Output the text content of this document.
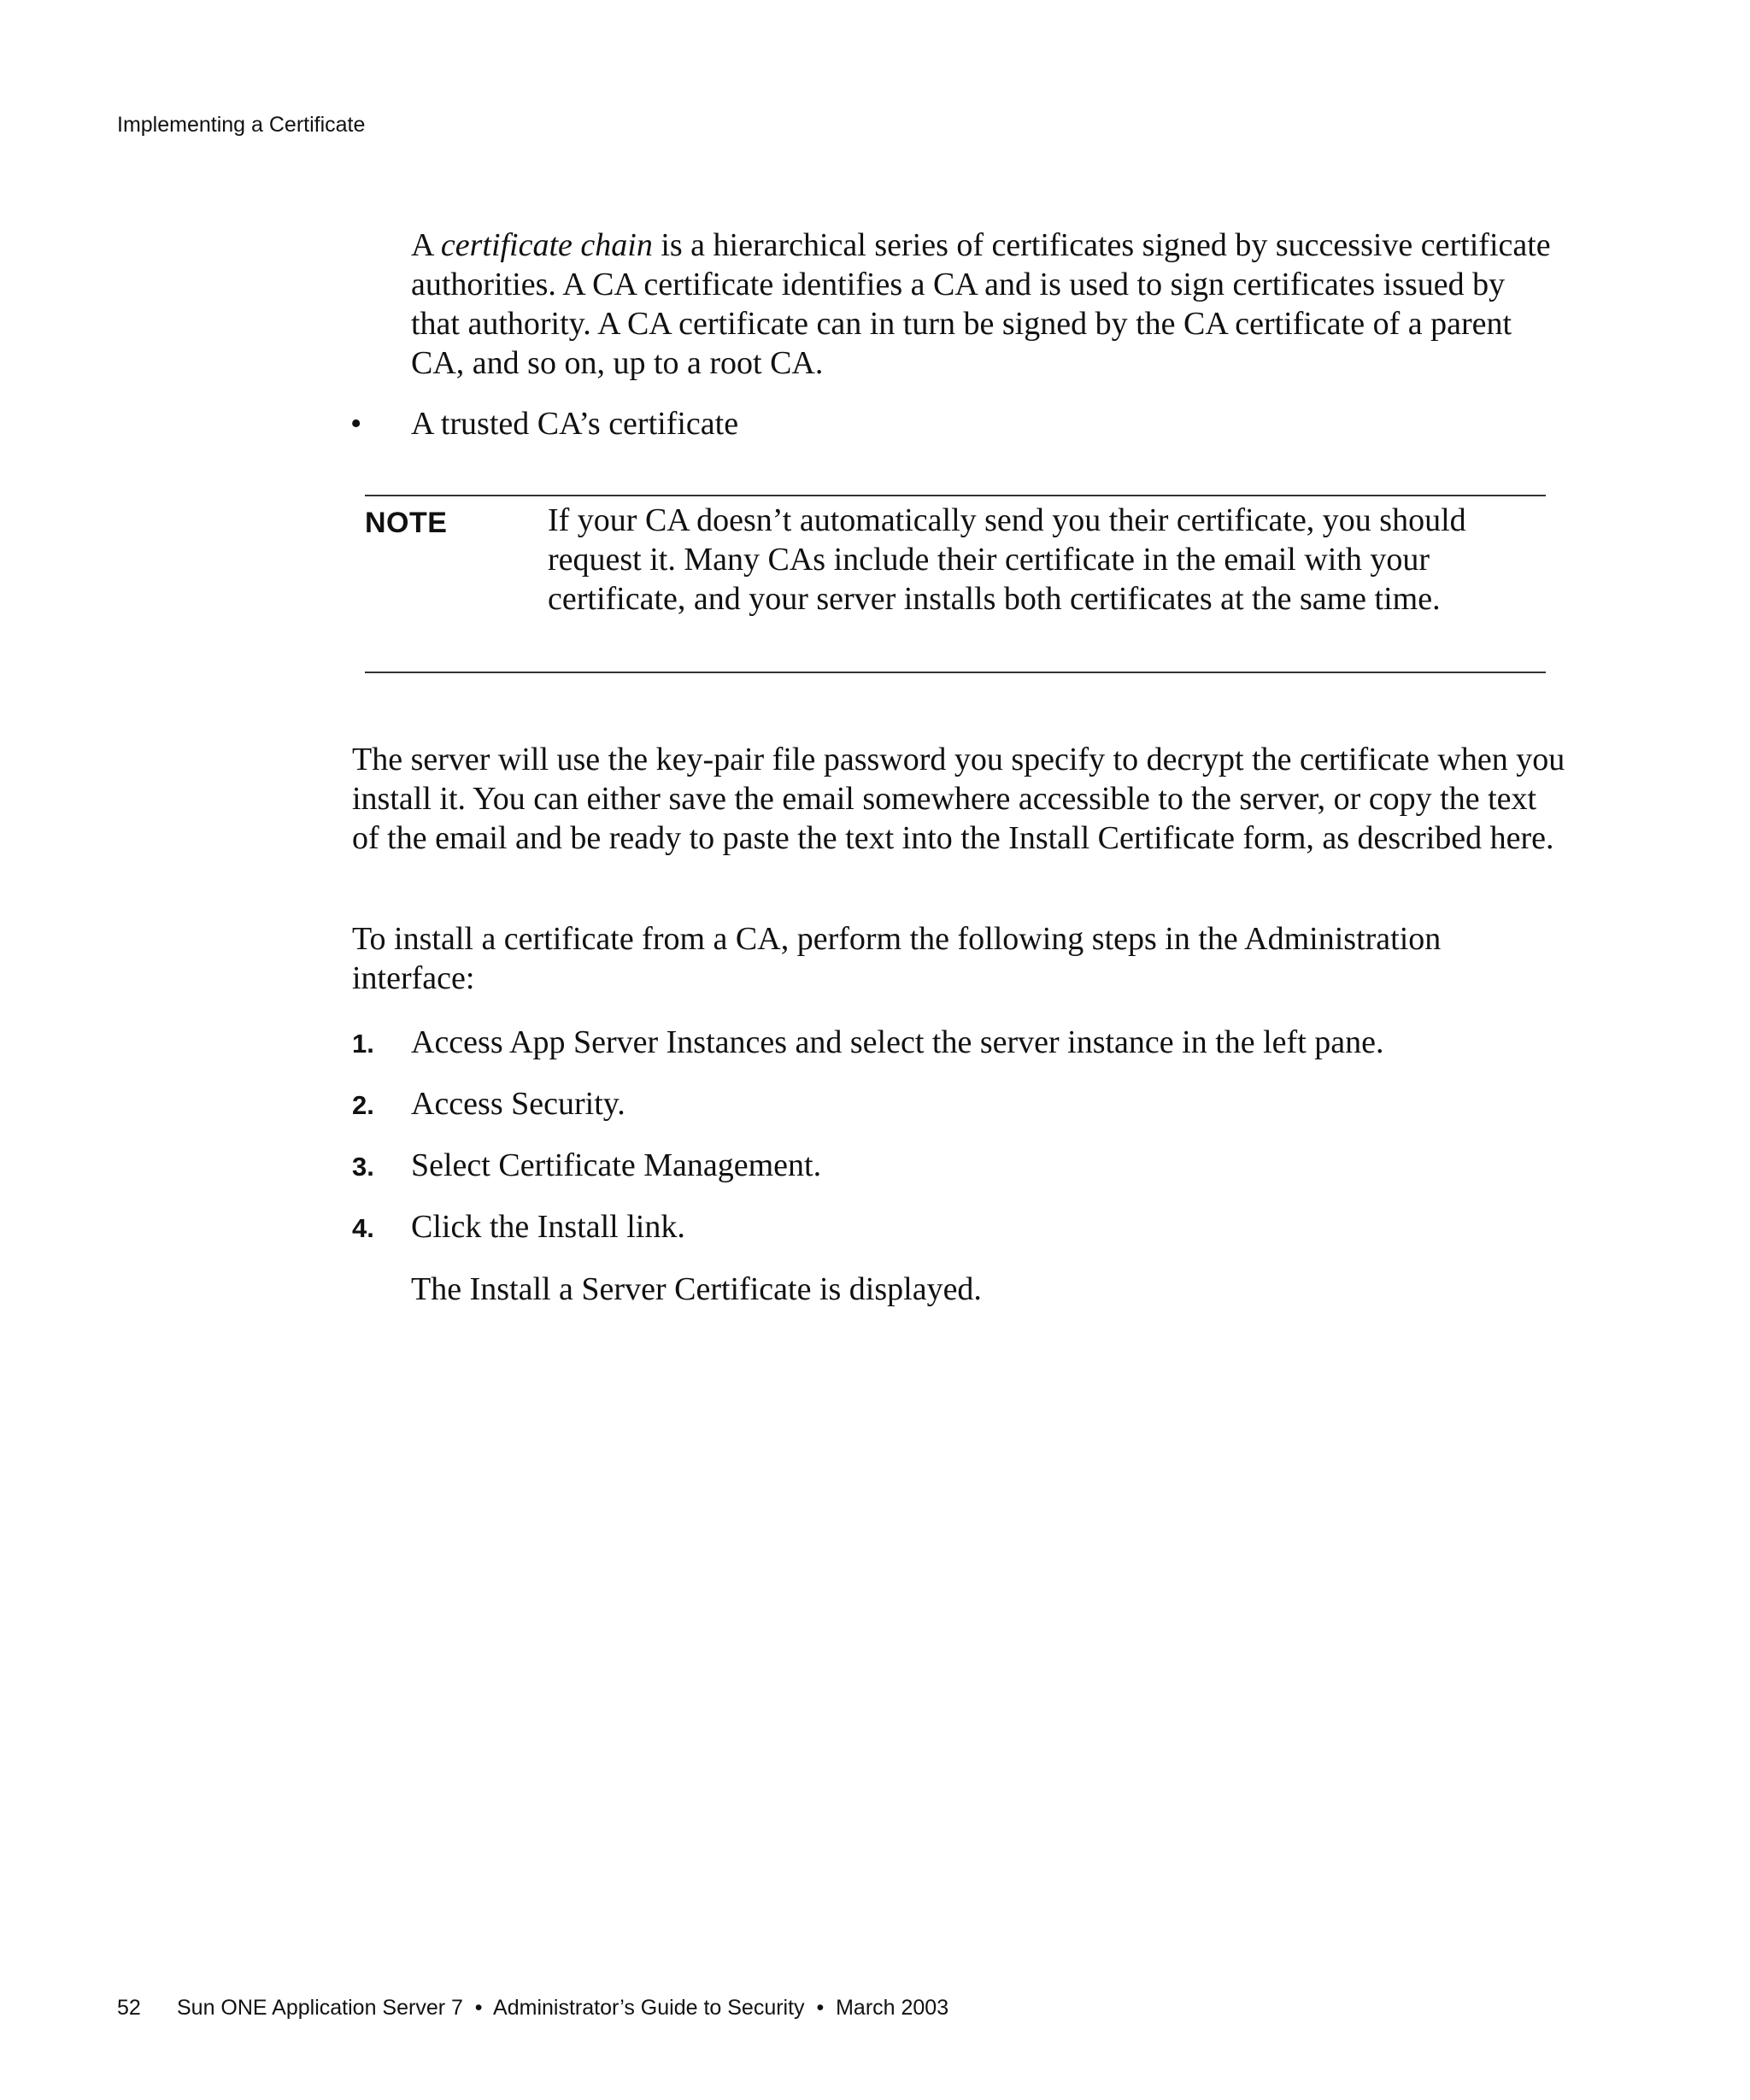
Implementing a Certificate

A certificate chain is a hierarchical series of certificates signed by successive certificate authorities. A CA certificate identifies a CA and is used to sign certificates issued by that authority. A CA certificate can in turn be signed by the CA certificate of a parent CA, and so on, up to a root CA.

• A trusted CA’s certificate
NOTE	If your CA doesn’t automatically send you their certificate, you should request it. Many CAs include their certificate in the email with your certificate, and your server installs both certificates at the same time.

The server will use the key-pair file password you specify to decrypt the certificate when you install it. You can either save the email somewhere accessible to the server, or copy the text of the email and be ready to paste the text into the Install Certificate form, as described here.

To install a certificate from a CA, perform the following steps in the Administration interface:

1. Access App Server Instances and select the server instance in the left pane.
2. Access Security.
3. Select Certificate Management.
4. Click the Install link.

The Install a Server Certificate is displayed.

52 Sun ONE Application Server 7  •  Administrator’s Guide to Security  •  March 2003
